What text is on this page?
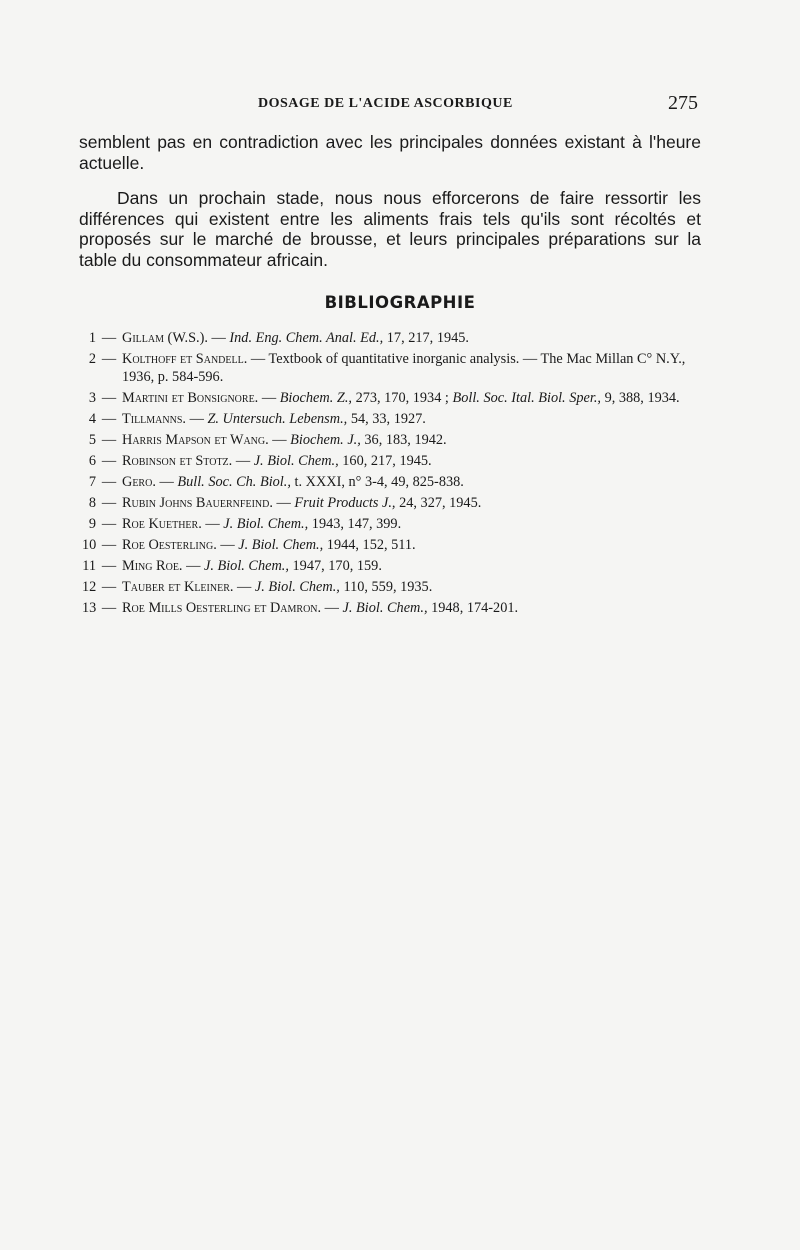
DOSAGE DE L'ACIDE ASCORBIQUE	275

semblent pas en contradiction avec les principales données existant à l'heure actuelle.

Dans un prochain stade, nous nous efforcerons de faire ressortir les différences qui existent entre les aliments frais tels qu'ils sont récoltés et proposés sur le marché de brousse, et leurs principales préparations sur la table du consommateur africain.

BIBLIOGRAPHIE
1 — Gillam (W.S.). — Ind. Eng. Chem. Anal. Ed., 17, 217, 1945.
2 — Kolthoff et Sandell. — Textbook of quantitative inorganic analysis. — The Mac Millan C° N.Y., 1936, p. 584-596.
3 — Martini et Bonsignore. — Biochem. Z., 273, 170, 1934 ; Boll. Soc. Ital. Biol. Sper., 9, 388, 1934.
4 — Tillmanns. — Z. Untersuch. Lebensm., 54, 33, 1927.
5 — Harris Mapson et Wang. — Biochem. J., 36, 183, 1942.
6 — Robinson et Stotz. — J. Biol. Chem., 160, 217, 1945.
7 — Gero. — Bull. Soc. Ch. Biol., t. XXXI, n° 3-4, 49, 825-838.
8 — Rubin Johns Bauernfeind. — Fruit Products J., 24, 327, 1945.
9 — Roe Kuether. — J. Biol. Chem., 1943, 147, 399.
10 — Roe Oesterling. — J. Biol. Chem., 1944, 152, 511.
11 — Ming Roe. — J. Biol. Chem., 1947, 170, 159.
12 — Tauber et Kleiner. — J. Biol. Chem., 110, 559, 1935.
13 — Roe Mills Oesterling et Damron. — J. Biol. Chem., 1948, 174-201.
